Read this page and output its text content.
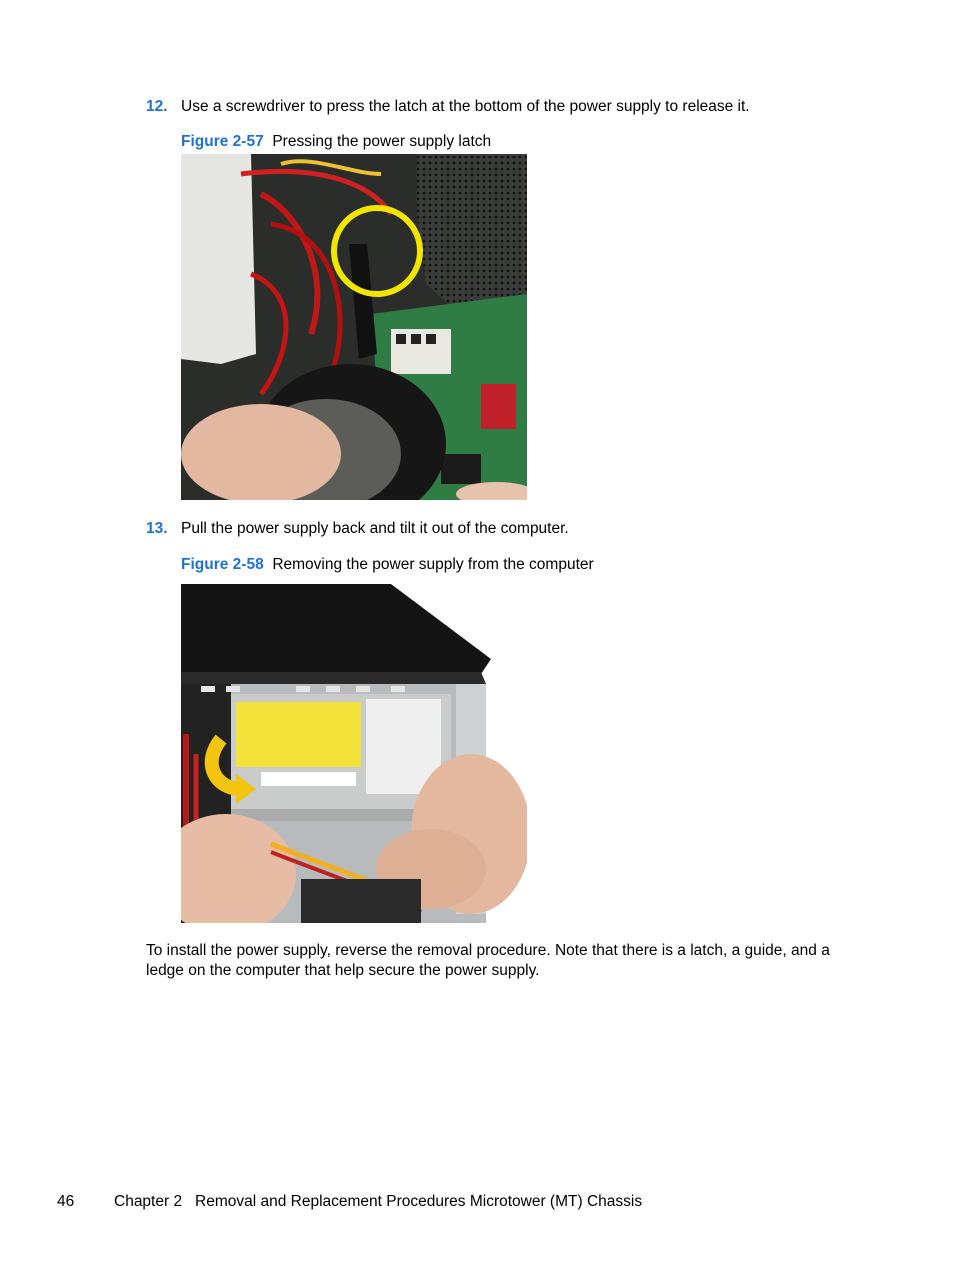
12. Use a screwdriver to press the latch at the bottom of the power supply to release it.
Figure 2-57 Pressing the power supply latch
13. Pull the power supply back and tilt it out of the computer.
Figure 2-58 Removing the power supply from the computer
To install the power supply, reverse the removal procedure. Note that there is a latch, a guide, and a
ledge on the computer that help secure the power supply.
46	Chapter 2 Removal and Replacement Procedures Microtower (MT) Chassis
